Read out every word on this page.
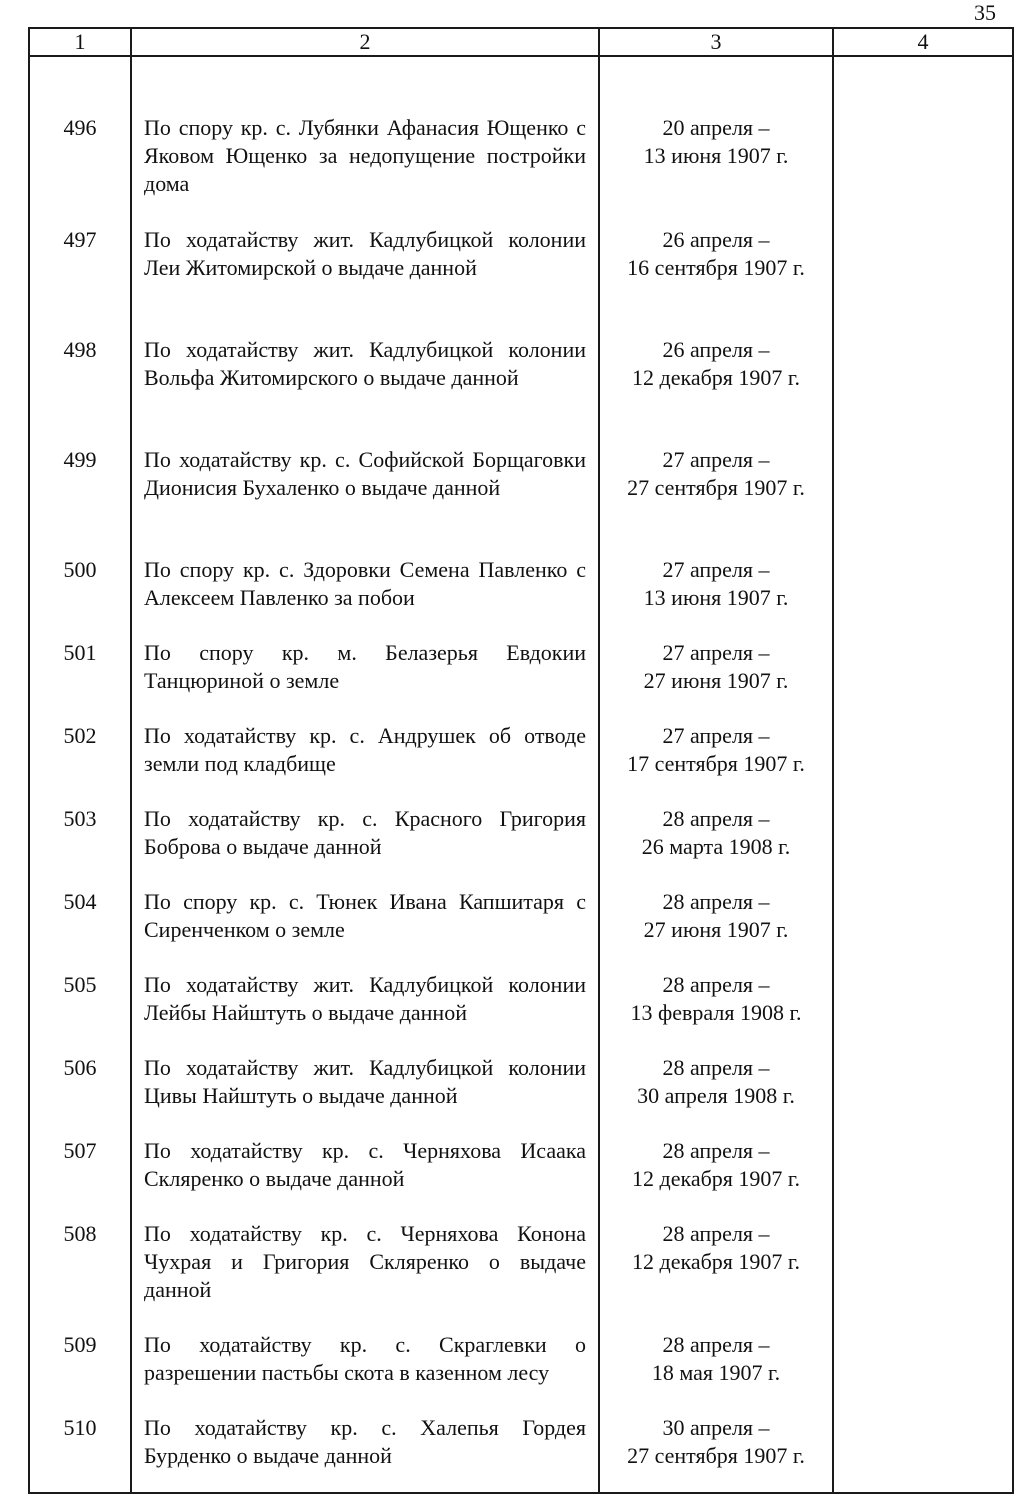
35
1	2	3	4
496	По спору кр. с. Лубянки Афанасия Ющенко с Яковом Ющенко за недопущение постройки дома	20 апреля –
13 июня 1907 г.	

497	По ходатайству жит. Кадлубицкой колонии Леи Житомирской о выдаче данной	26 апреля –
16 сентября 1907 г.	

498	По ходатайству жит. Кадлубицкой колонии Вольфа Житомирского о выдаче данной	26 апреля –
12 декабря 1907 г.	

499	По ходатайству кр. с. Софийской Борщаговки Дионисия Бухаленко о выдаче данной	27 апреля –
27 сентября 1907 г.	

500	По спору кр. с. Здоровки Семена Павленко с Алексеем Павленко за побои	27 апреля –
13 июня 1907 г.	

501	По спору кр. м. Белазерья Евдокии Танцюриной о земле	27 апреля –
27 июня 1907 г.	

502	По ходатайству кр. с. Андрушек об отводе земли под кладбище	27 апреля –
17 сентября 1907 г.	

503	По ходатайству кр. с. Красного Григория Боброва о выдаче данной	28 апреля –
26 марта 1908 г.	

504	По спору кр. с. Тюнек Ивана Капшитаря с Сиренченком о земле	28 апреля –
27 июня 1907 г.	

505	По ходатайству жит. Кадлубицкой колонии Лейбы Найштуть о выдаче данной	28 апреля –
13 февраля 1908 г.	

506	По ходатайству жит. Кадлубицкой колонии Цивы Найштуть о выдаче данной	28 апреля –
30 апреля 1908 г.	

507	По ходатайству кр. с. Черняхова Исаака Скляренко о выдаче данной	28 апреля –
12 декабря 1907 г.	

508	По ходатайству кр. с. Черняхова Конона Чухрая и Григория Скляренко о выдаче данной	28 апреля –
12 декабря 1907 г.	

509	По ходатайству кр. с. Скраглевки о разрешении пастьбы скота в казенном лесу	28 апреля –
18 мая 1907 г.	

510	По ходатайству кр. с. Халепья Гордея Бурденко о выдаче данной	30 апреля –
27 сентября 1907 г.	
